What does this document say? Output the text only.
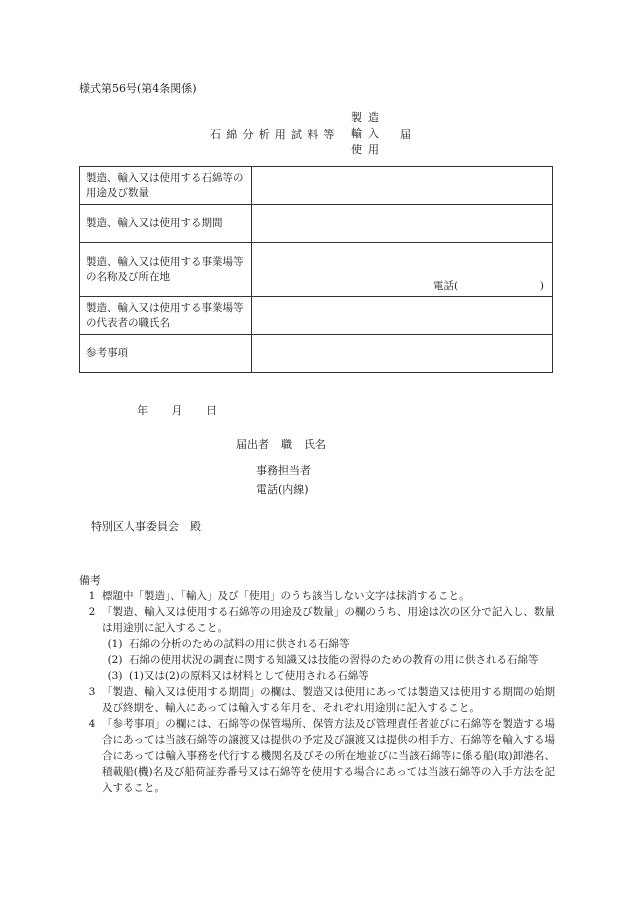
様式第56号(第4条関係)
石綿分析用試料等
製造
輸入
使用
届
製造、輸入又は使用する石綿等の用途及び数量	
製造、輸入又は使用する期間	
製造、輸入又は使用する事業場等の名称及び所在地	電話( )

製造、輸入又は使用する事業場等の代表者の職氏名	
参考事項	
年 月 日
届出者 職 氏名
事務担当者
電話(内線)
特別区人事委員会　殿
備考
1 標題中「製造」、「輸入」及び「使用」のうち該当しない文字は抹消すること。
2 「製造、輸入又は使用する石綿等の用途及び数量」の欄のうち、用途は次の区分で記入し、数量は用途別に記入すること。
(1) 石綿の分析のための試料の用に供される石綿等
(2) 石綿の使用状況の調査に関する知識又は技能の習得のための教育の用に供される石綿等
(3) (1)又は(2)の原料又は材料として使用される石綿等
3 「製造、輸入又は使用する期間」の欄は、製造又は使用にあっては製造又は使用する期間の始期及び終期を、輸入にあっては輸入する年月を、それぞれ用途別に記入すること。
4 「参考事項」の欄には、石綿等の保管場所、保管方法及び管理責任者並びに石綿等を製造する場合にあっては当該石綿等の譲渡又は提供の予定及び譲渡又は提供の相手方、石綿等を輸入する場合にあっては輸入事務を代行する機関名及びその所在地並びに当該石綿等に係る船(取)卸港名、積載船(機)名及び船荷証券番号又は石綿等を使用する場合にあっては当該石綿等の入手方法を記入すること。
